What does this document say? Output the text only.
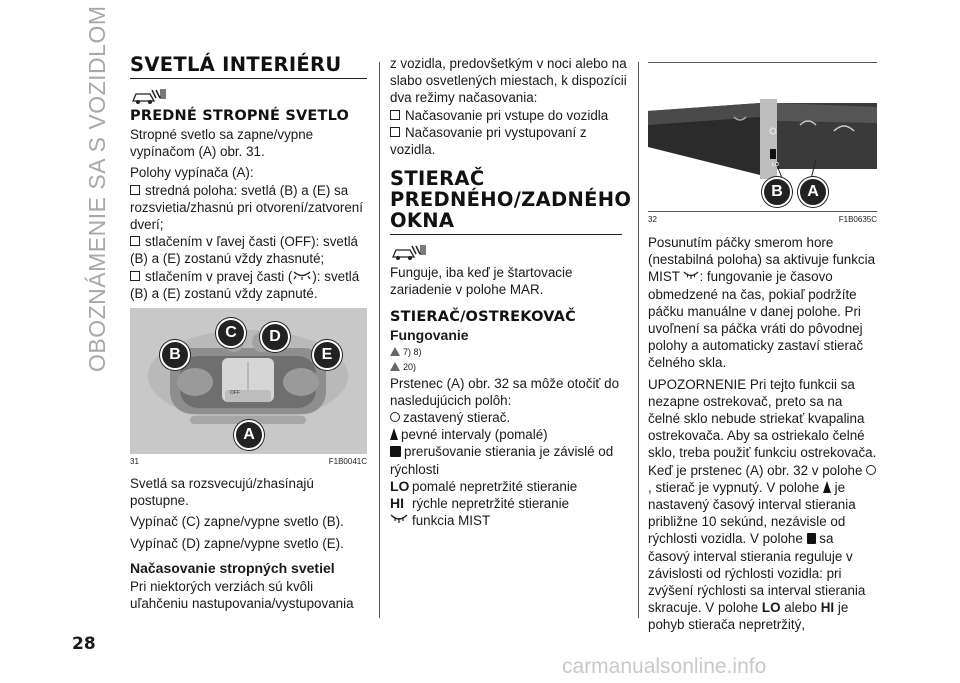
OBOZNÁMENIE SA S VOZIDLOM SVETLÁ INTERIÉRU
PREDNÉ STROPNÉ SVETLO

Stropné svetlo sa zapne/vypne vypínačom (A) obr. 31.

Polohy vypínača (A):

stredná poloha: svetlá (B) a (E) sa rozsvietia/zhasnú pri otvorení/zatvorení dverí;

stlačením v ľavej časti (OFF): svetlá (B) a (E) zostanú vždy zhasnuté;

stlačením v pravej časti ( ): svetlá (B) a (E) zostanú vždy zapnuté.

C	D
B	E
A
OFF
31	F1B0041C

Svetlá sa rozsvecujú/zhasínajú postupne.

Vypínač (C) zapne/vypne svetlo (B).

Vypínač (D) zapne/vypne svetlo (E).

Načasovanie stropných svetiel

Pri niektorých verziách sú kvôli uľahčeniu nastupovania/vystupovania

z vozidla, predovšetkým v noci alebo na slabo osvetlených miestach, k dispozícii dva režimy načasovania:

Načasovanie pri vstupe do vozidla

Načasovanie pri vystupovaní z vozidla.

STIERAČ PREDNÉHO/ZADNÉHO OKNA

Funguje, iba keď je štartovacie zariadenie v polohe MAR.

STIERAČ/OSTREKOVAČ
Fungovanie
7) 8)
20)

Prstenec (A) obr. 32 sa môže otočiť do nasledujúcich polôh:

zastavený stierač.

pevné intervaly (pomalé)

prerušovanie stierania je závislé od rýchlosti

LO pomalé nepretržité stieranie

HI rýchle nepretržité stieranie

funkcia MIST

LO
B	A
32	F1B0635C

Posunutím páčky smerom hore (nestabilná poloha) sa aktivuje funkcia MIST : fungovanie je časovo obmedzené na čas, pokiaľ podržíte páčku manuálne v danej polohe. Pri uvoľnení sa páčka vráti do pôvodnej polohy a automaticky zastaví stierač čelného skla.

UPOZORNENIE Pri tejto funkcii sa nezapne ostrekovač, preto sa na čelné sklo nebude striekať kvapalina ostrekovača. Aby sa ostriekalo čelné sklo, treba použiť funkciu ostrekovača.

Keď je prstenec (A) obr. 32 v polohe , stierač je vypnutý. V polohe  je nastavený časový interval stierania približne 10 sekúnd, nezávisle od rýchlosti vozidla. V polohe  sa časový interval stierania reguluje v závislosti od rýchlosti vozidla: pri zvýšení rýchlosti sa interval stierania skracuje. V polohe LO alebo HI je pohyb stierača nepretržitý,

28
carmanualsonline.info
